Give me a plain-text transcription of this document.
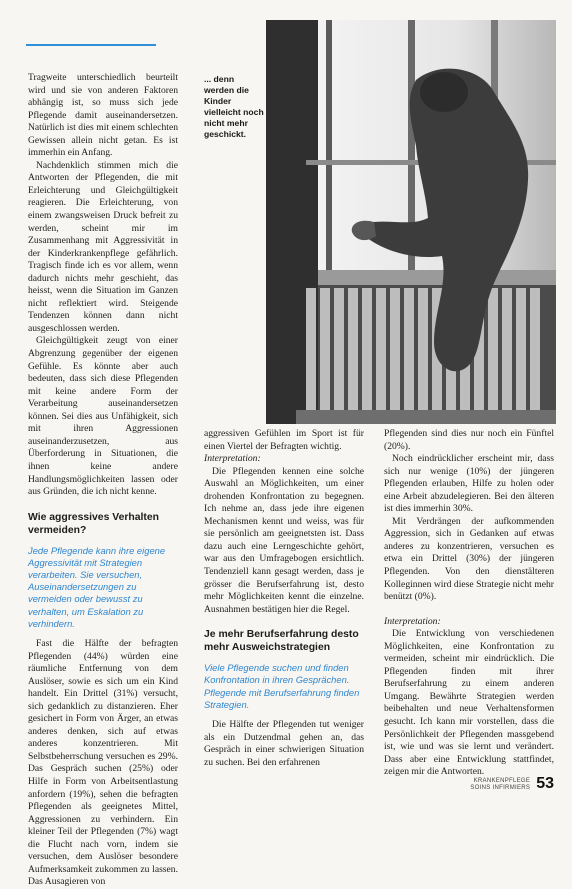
Tragweite unterschiedlich beurteilt wird und sie von anderen Faktoren abhängig ist, so muss sich jede Pflegende damit auseinandersetzen. Natürlich ist dies mit einem schlechten Gewissen allein nicht getan. Es ist immerhin ein Anfang.

Nachdenklich stimmen mich die Antworten der Pflegenden, die mit Erleichterung und Gleichgültigkeit reagieren. Die Erleichterung, von einem zwangsweisen Druck befreit zu werden, scheint mir im Zusammenhang mit Aggressivität in der Kinderkrankenpflege gefährlich. Tragisch finde ich es vor allem, wenn dadurch nichts mehr geschieht, das heisst, wenn die Situation im Ganzen nicht reflektiert wird. Steigende Tendenzen können dann nicht ausgeschlossen werden.

Gleichgültigkeit zeugt von einer Abgrenzung gegenüber der eigenen Gefühle. Es könnte aber auch bedeuten, dass sich diese Pflegenden mit keine andere Form der Verarbeitung auseinandersetzen können. Sei dies aus Unfähigkeit, sich mit ihren Aggressionen auseinanderzusetzen, aus Überforderung in Situationen, die ihnen keine andere Handlungsmöglichkeiten lassen oder aus Gründen, die ich nicht kenne.

Wie aggressives Verhalten vermeiden?

Jede Pflegende kann ihre eigene Aggressivität mit Strategien verarbeiten. Sie versuchen, Auseinandersetzungen zu vermeiden oder bewusst zu verhalten, um Eskalation zu verhindern.

Fast die Hälfte der befragten Pflegenden (44%) würden eine räumliche Entfernung von dem Auslöser, sowie es sich um ein Kind handelt. Ein Drittel (31%) versucht, sich gedanklich zu distanzieren. Eher gesichert in Form von Ärger, an etwas anderes denken, sich auf etwas anderes konzentrieren. Mit Selbstbeherrschung versuchen es 29%. Das Gespräch suchen (25%) oder Hilfe in Form von Arbeitsentlastung anfordern (19%), sehen die befragten Pflegenden als geeignetes Mittel, Aggressionen zu verhindern. Ein kleiner Teil der Pflegenden (7%) wagt die Flucht nach vorn, indem sie versuchen, dem Auslöser besondere Aufmerksamkeit zukommen zu lassen. Das Ausagieren von

... denn werden die Kinder vielleicht noch nicht mehr geschickt.

aggressiven Gefühlen im Sport ist für einen Viertel der Befragten wichtig.

Interpretation:

Die Pflegenden kennen eine solche Auswahl an Möglichkeiten, um einer drohenden Konfrontation zu begegnen. Ich nehme an, dass jede ihre eigenen Mechanismen kennt und weiss, was für sie persönlich am geeignetsten ist. Dass dazu auch eine Lerngeschichte gehört, war aus den Umfragebogen ersichtlich. Tendenziell kann gesagt werden, dass je grösser die Berufserfahrung ist, desto mehr Möglichkeiten kennt die einzelne. Ausnahmen bestätigen hier die Regel.

Je mehr Berufserfahrung desto mehr Ausweichstrategien

Viele Pflegende suchen und finden Konfrontation in ihren Gesprächen. Pflegende mit Berufserfahrung finden Strategien.

Die Hälfte der Pflegenden tut weniger als ein Dutzendmal gehen an, das Gespräch in einer schwierigen Situation zu suchen. Bei den erfahrenen

Pflegenden sind dies nur noch ein Fünftel (20%).

Noch eindrücklicher erscheint mir, dass sich nur wenige (10%) der jüngeren Pflegenden erlauben, Hilfe zu holen oder eine Arbeit abzudelegieren. Bei den älteren ist dies immerhin 30%.

Mit Verdrängen der aufkommenden Aggression, sich in Gedanken auf etwas anderes zu konzentrieren, versuchen es etwa ein Drittel (30%) der jüngeren Pflegenden. Von den dienstälteren Kolleginnen wird diese Strategie nicht mehr benützt (0%).

Interpretation:

Die Entwicklung von verschiedenen Möglichkeiten, eine Konfrontation zu vermeiden, scheint mir eindrücklich. Die Pflegenden finden mit ihrer Berufserfahrung zu einem anderen Umgang. Bewährte Strategien werden beibehalten und neue Verhaltensformen gesucht. Ich kann mir vorstellen, dass die Persönlichkeit der Pflegenden massgebend ist, wie und was sie lernt und verändert. Dass aber eine Entwicklung stattfindet, zeigen mir die Antworten.

KRANKENPFLEGE
SOINS INFIRMIERS 53
